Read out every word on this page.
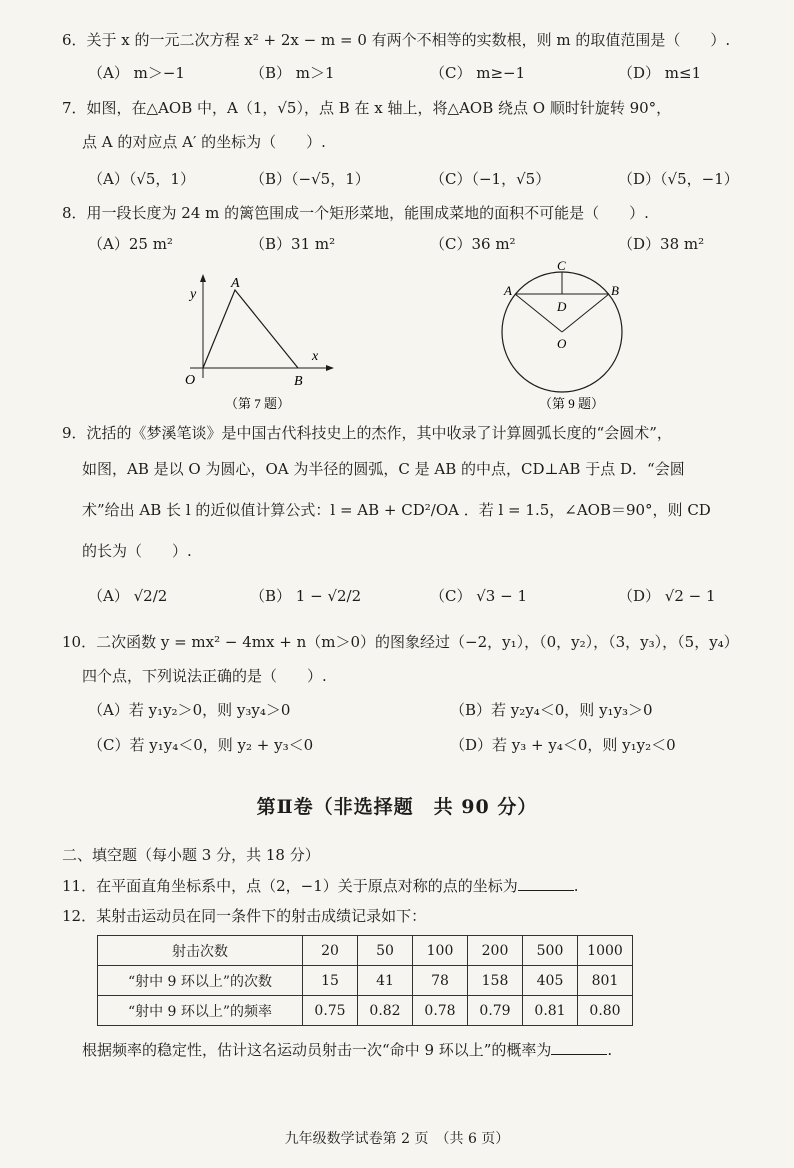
6．关于 x 的一元二次方程 x² + 2x − m = 0 有两个不相等的实数根，则 m 的取值范围是（　　）.
（A） m＞−1	（B） m＞1	（C） m≥−1	（D） m≤1
7．如图，在△AOB 中，A（1，√5），点 B 在 x 轴上，将△AOB 绕点 O 顺时针旋转 90°，
点 A 的对应点 A′ 的坐标为（　　）.
（A）（√5，1）	（B）（−√5，1）	（C）（−1，√5）	（D）（√5，−1）
8．用一段长度为 24 m 的篱笆围成一个矩形菜地，能围成菜地的面积不可能是（　　）.
（A）25 m²	（B）31 m²	（C）36 m²	（D）38 m²
y
x
A
O	B
（第 7 题）
C
A	B
D
O
（第 9 题）
9．沈括的《梦溪笔谈》是中国古代科技史上的杰作，其中收录了计算圆弧长度的“会圆术”，
如图，AB 是以 O 为圆心，OA 为半径的圆弧，C 是 AB 的中点，CD⊥AB 于点 D．“会圆
术”给出 AB 长 l 的近似值计算公式：l = AB + CD²/OA ．若 l = 1.5，∠AOB＝90°，则 CD
的长为（　　）.
（A） √2/2	（B） 1 − √2/2	（C） √3 − 1	（D） √2 − 1
10．二次函数 y = mx² − 4mx + n（m＞0）的图象经过（−2，y₁），（0，y₂），（3，y₃），（5，y₄）
四个点，下列说法正确的是（　　）.
（A）若 y₁y₂＞0，则 y₃y₄＞0	（B）若 y₂y₄＜0，则 y₁y₃＞0
（C）若 y₁y₄＜0，则 y₂ + y₃＜0	（D）若 y₃ + y₄＜0，则 y₁y₂＜0
第Ⅱ卷（非选择题　共 90 分）
二、填空题（每小题 3 分，共 18 分）
11．在平面直角坐标系中，点（2，−1）关于原点对称的点的坐标为	.
12．某射击运动员在同一条件下的射击成绩记录如下：
射击次数	20	50	100	200	500	1000
“射中 9 环以上”的次数	15	41	78	158	405	801
“射中 9 环以上”的频率	0.75	0.82	0.78	0.79	0.81	0.80
根据频率的稳定性，估计这名运动员射击一次“命中 9 环以上”的概率为	.
九年级数学试卷第 2 页　（共 6 页）
